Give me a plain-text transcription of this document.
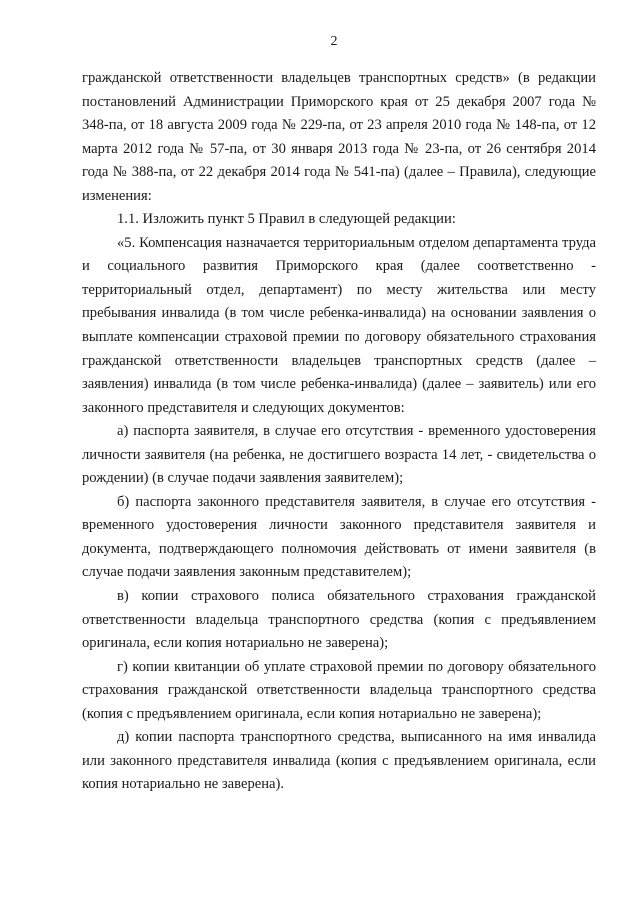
2

гражданской ответственности владельцев транспортных средств» (в редакции постановлений Администрации Приморского края от 25 декабря 2007 года № 348-па, от 18 августа 2009 года № 229-па, от 23 апреля 2010 года № 148-па, от 12 марта 2012 года № 57-па, от 30 января 2013 года № 23-па, от 26 сентября 2014 года № 388-па, от 22 декабря 2014 года № 541-па) (далее – Правила), следующие изменения:

1.1. Изложить пункт 5 Правил в следующей редакции:

«5. Компенсация назначается территориальным отделом департамента труда и социального развития Приморского края (далее соответственно - территориальный отдел, департамент) по месту жительства или месту пребывания инвалида (в том числе ребенка-инвалида) на основании заявления о выплате компенсации страховой премии по договору обязательного страхования гражданской ответственности владельцев транспортных средств (далее – заявления) инвалида (в том числе ребенка-инвалида) (далее – заявитель) или его законного представителя и следующих документов:

а) паспорта заявителя, в случае его отсутствия - временного удостоверения личности заявителя (на ребенка, не достигшего возраста 14 лет, - свидетельства о рождении) (в случае подачи заявления заявителем);

б) паспорта законного представителя заявителя, в случае его отсутствия - временного удостоверения личности законного представителя заявителя и документа, подтверждающего полномочия действовать от имени заявителя (в случае подачи заявления законным представителем);

в) копии страхового полиса обязательного страхования гражданской ответственности владельца транспортного средства (копия с предъявлением оригинала, если копия нотариально не заверена);

г) копии квитанции об уплате страховой премии по договору обязательного страхования гражданской ответственности владельца транспортного средства (копия с предъявлением оригинала, если копия нотариально не заверена);

д) копии паспорта транспортного средства, выписанного на имя инвалида или законного представителя инвалида (копия с предъявлением оригинала, если копия нотариально не заверена).
